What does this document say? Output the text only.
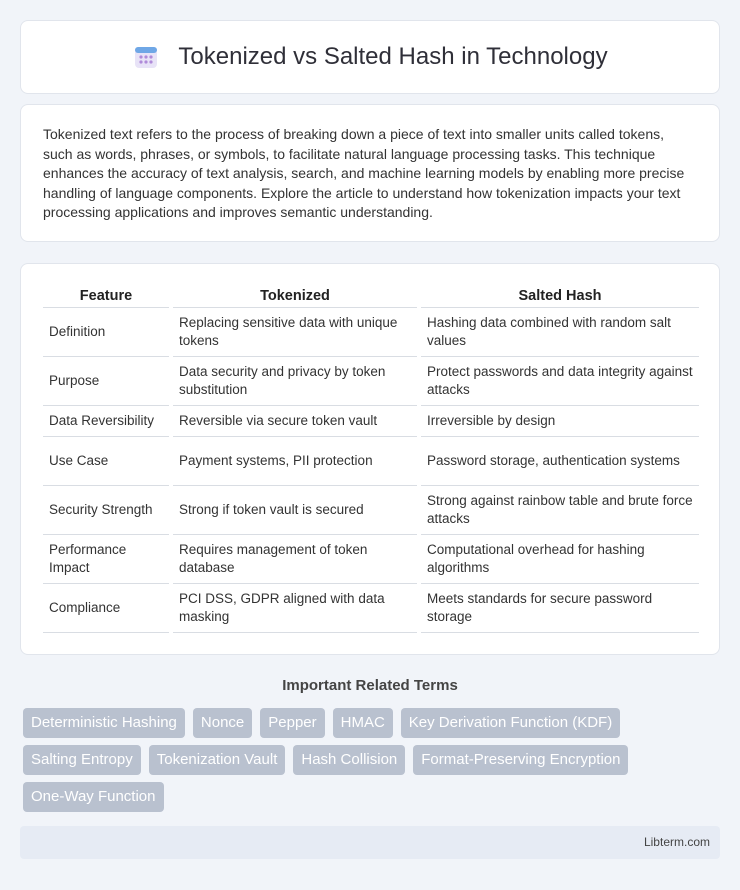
Tokenized vs Salted Hash in Technology

Tokenized text refers to the process of breaking down a piece of text into smaller units called tokens, such as words, phrases, or symbols, to facilitate natural language processing tasks. This technique enhances the accuracy of text analysis, search, and machine learning models by enabling more precise handling of language components. Explore the article to understand how tokenization impacts your text processing applications and improves semantic understanding.

Feature	Tokenized	Salted Hash
Definition	Replacing sensitive data with unique tokens	Hashing data combined with random salt values
Purpose	Data security and privacy by token substitution	Protect passwords and data integrity against attacks
Data Reversibility	Reversible via secure token vault	Irreversible by design
Use Case	Payment systems, PII protection	Password storage, authentication systems
Security Strength	Strong if token vault is secured	Strong against rainbow table and brute force attacks
Performance Impact	Requires management of token database	Computational overhead for hashing algorithms
Compliance	PCI DSS, GDPR aligned with data masking	Meets standards for secure password storage
Important Related Terms
Deterministic Hashing	Nonce	Pepper	HMAC	Key Derivation Function (KDF)
Salting Entropy	Tokenization Vault	Hash Collision	Format-Preserving Encryption
One-Way Function
Libterm.com
